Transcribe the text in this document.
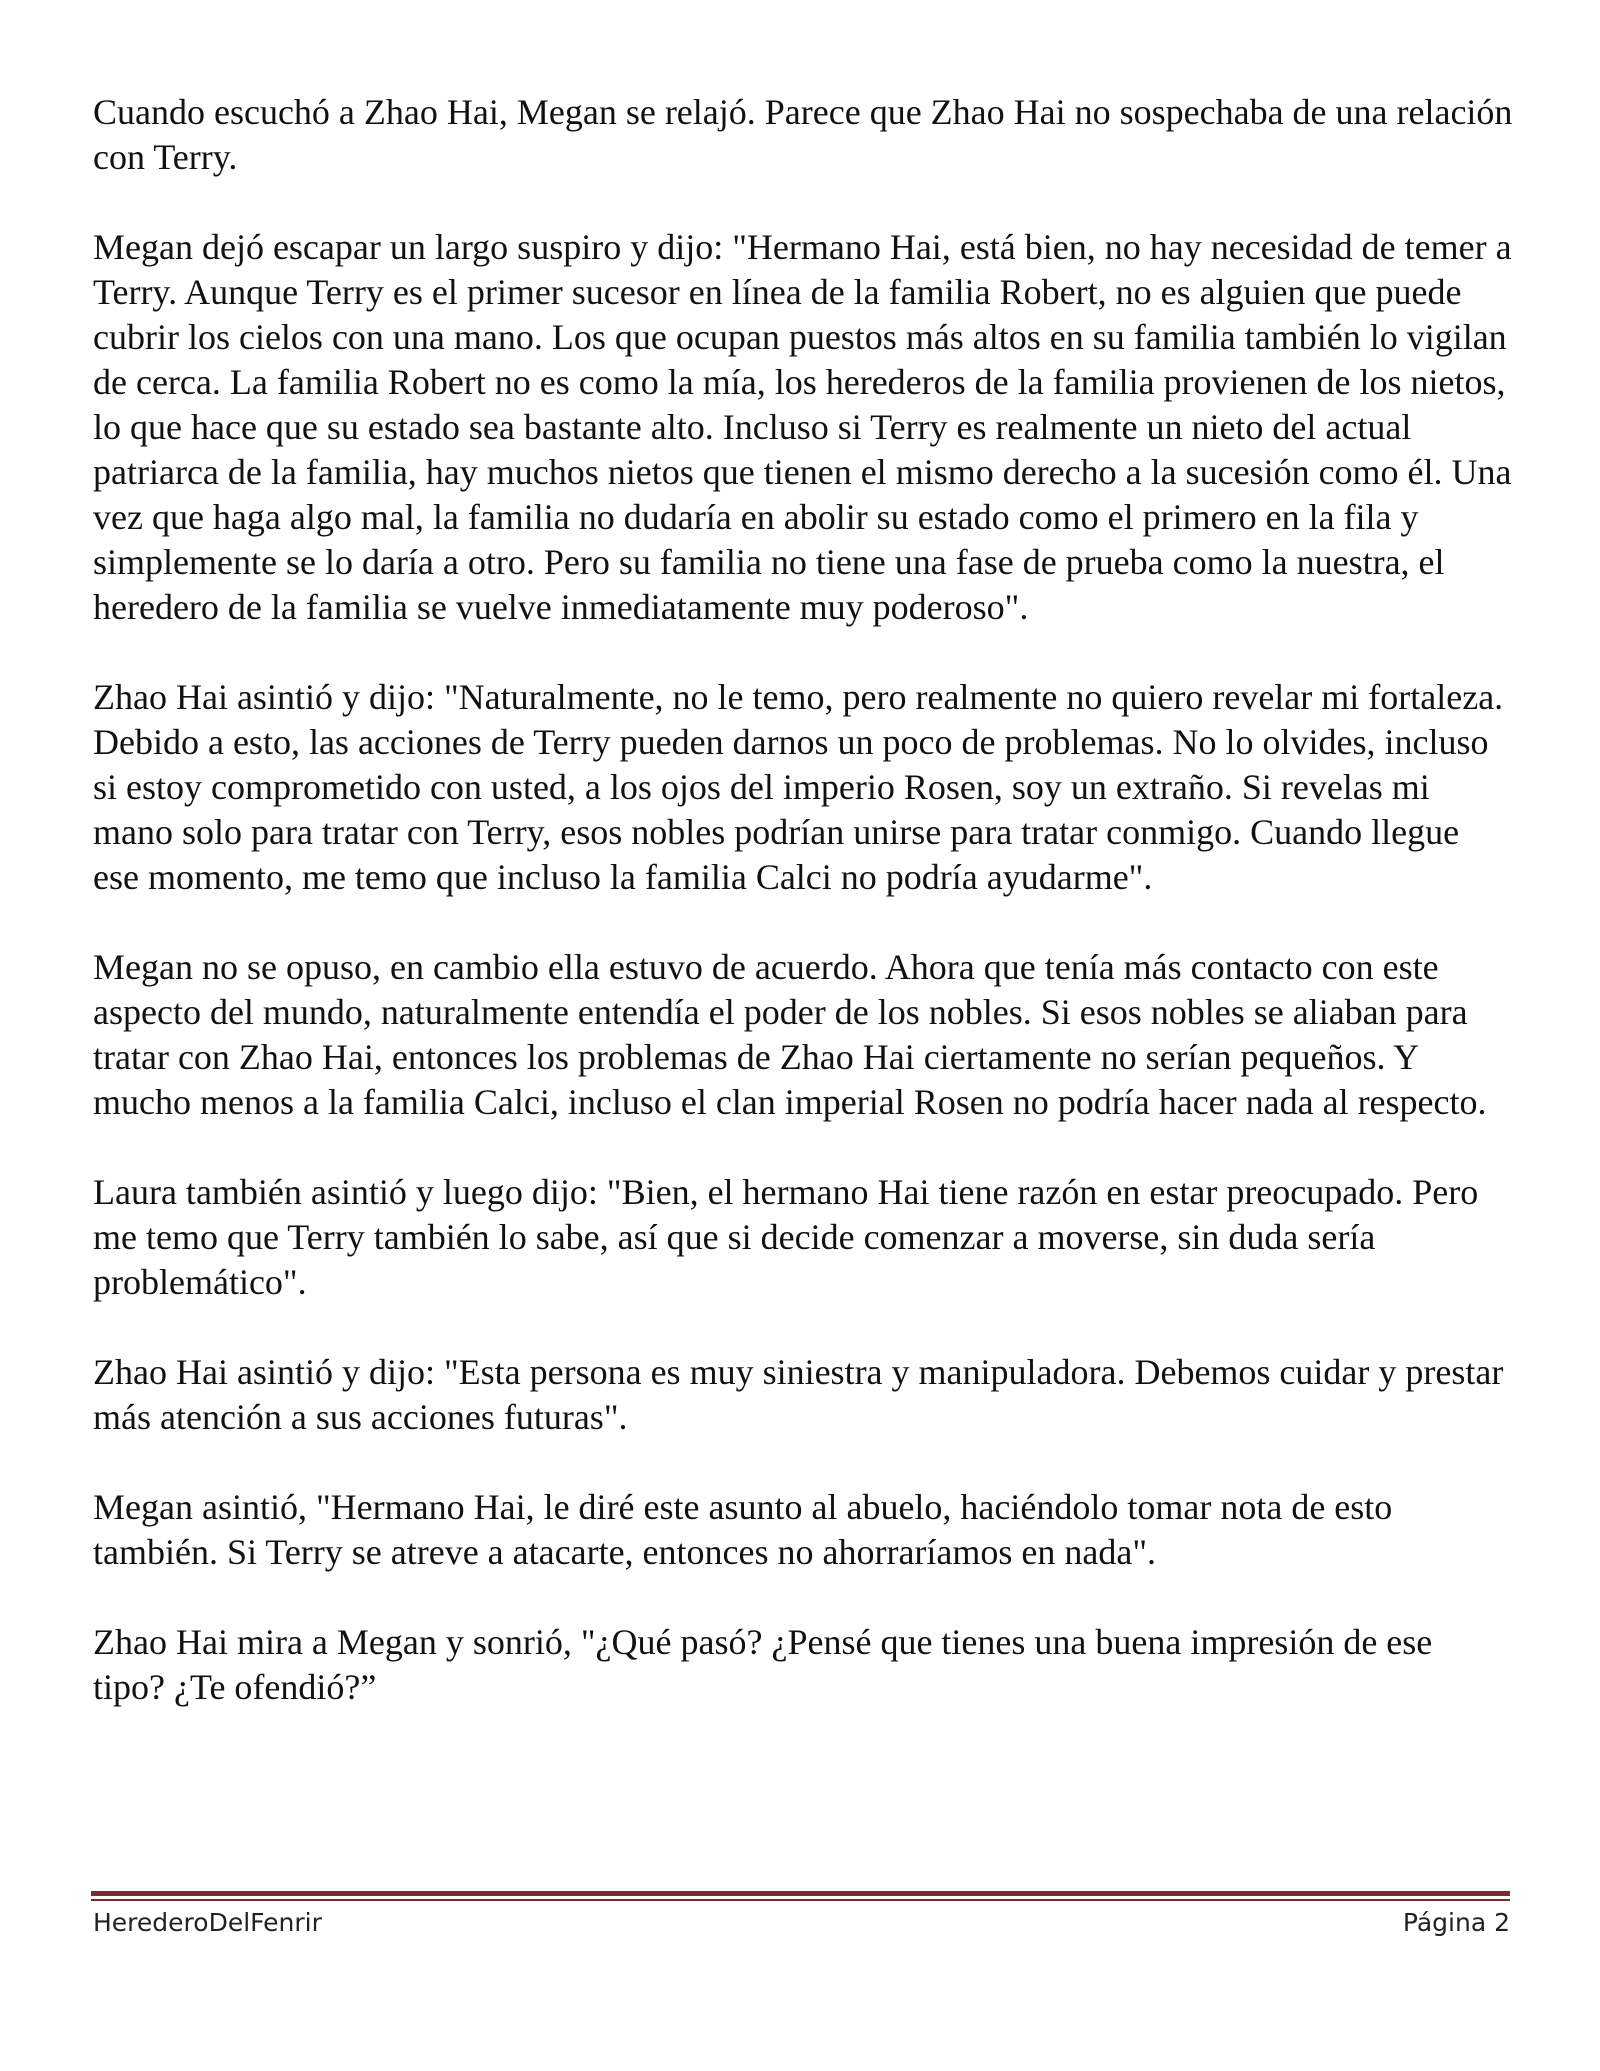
Cuando escuchó a Zhao Hai, Megan se relajó. Parece que Zhao Hai no sospechaba de una relación con Terry.

Megan dejó escapar un largo suspiro y dijo: "Hermano Hai, está bien, no hay necesidad de temer a Terry. Aunque Terry es el primer sucesor en línea de la familia Robert, no es alguien que puede cubrir los cielos con una mano. Los que ocupan puestos más altos en su familia también lo vigilan de cerca. La familia Robert no es como la mía, los herederos de la familia provienen de los nietos, lo que hace que su estado sea bastante alto. Incluso si Terry es realmente un nieto del actual patriarca de la familia, hay muchos nietos que tienen el mismo derecho a la sucesión como él. Una vez que haga algo mal, la familia no dudaría en abolir su estado como el primero en la fila y simplemente se lo daría a otro. Pero su familia no tiene una fase de prueba como la nuestra, el heredero de la familia se vuelve inmediatamente muy poderoso".

Zhao Hai asintió y dijo: "Naturalmente, no le temo, pero realmente no quiero revelar mi fortaleza. Debido a esto, las acciones de Terry pueden darnos un poco de problemas. No lo olvides, incluso si estoy comprometido con usted, a los ojos del imperio Rosen, soy un extraño. Si revelas mi mano solo para tratar con Terry, esos nobles podrían unirse para tratar conmigo. Cuando llegue ese momento, me temo que incluso la familia Calci no podría ayudarme".

Megan no se opuso, en cambio ella estuvo de acuerdo. Ahora que tenía más contacto con este aspecto del mundo, naturalmente entendía el poder de los nobles. Si esos nobles se aliaban para tratar con Zhao Hai, entonces los problemas de Zhao Hai ciertamente no serían pequeños. Y mucho menos a la familia Calci, incluso el clan imperial Rosen no podría hacer nada al respecto.

Laura también asintió y luego dijo: "Bien, el hermano Hai tiene razón en estar preocupado. Pero me temo que Terry también lo sabe, así que si decide comenzar a moverse, sin duda sería problemático".

Zhao Hai asintió y dijo: "Esta persona es muy siniestra y manipuladora. Debemos cuidar y prestar más atención a sus acciones futuras".

Megan asintió, "Hermano Hai, le diré este asunto al abuelo, haciéndolo tomar nota de esto también. Si Terry se atreve a atacarte, entonces no ahorraríamos en nada".

Zhao Hai mira a Megan y sonrió, "¿Qué pasó? ¿Pensé que tienes una buena impresión de ese tipo? ¿Te ofendió?”

HerederoDelFenrir	Página 2
